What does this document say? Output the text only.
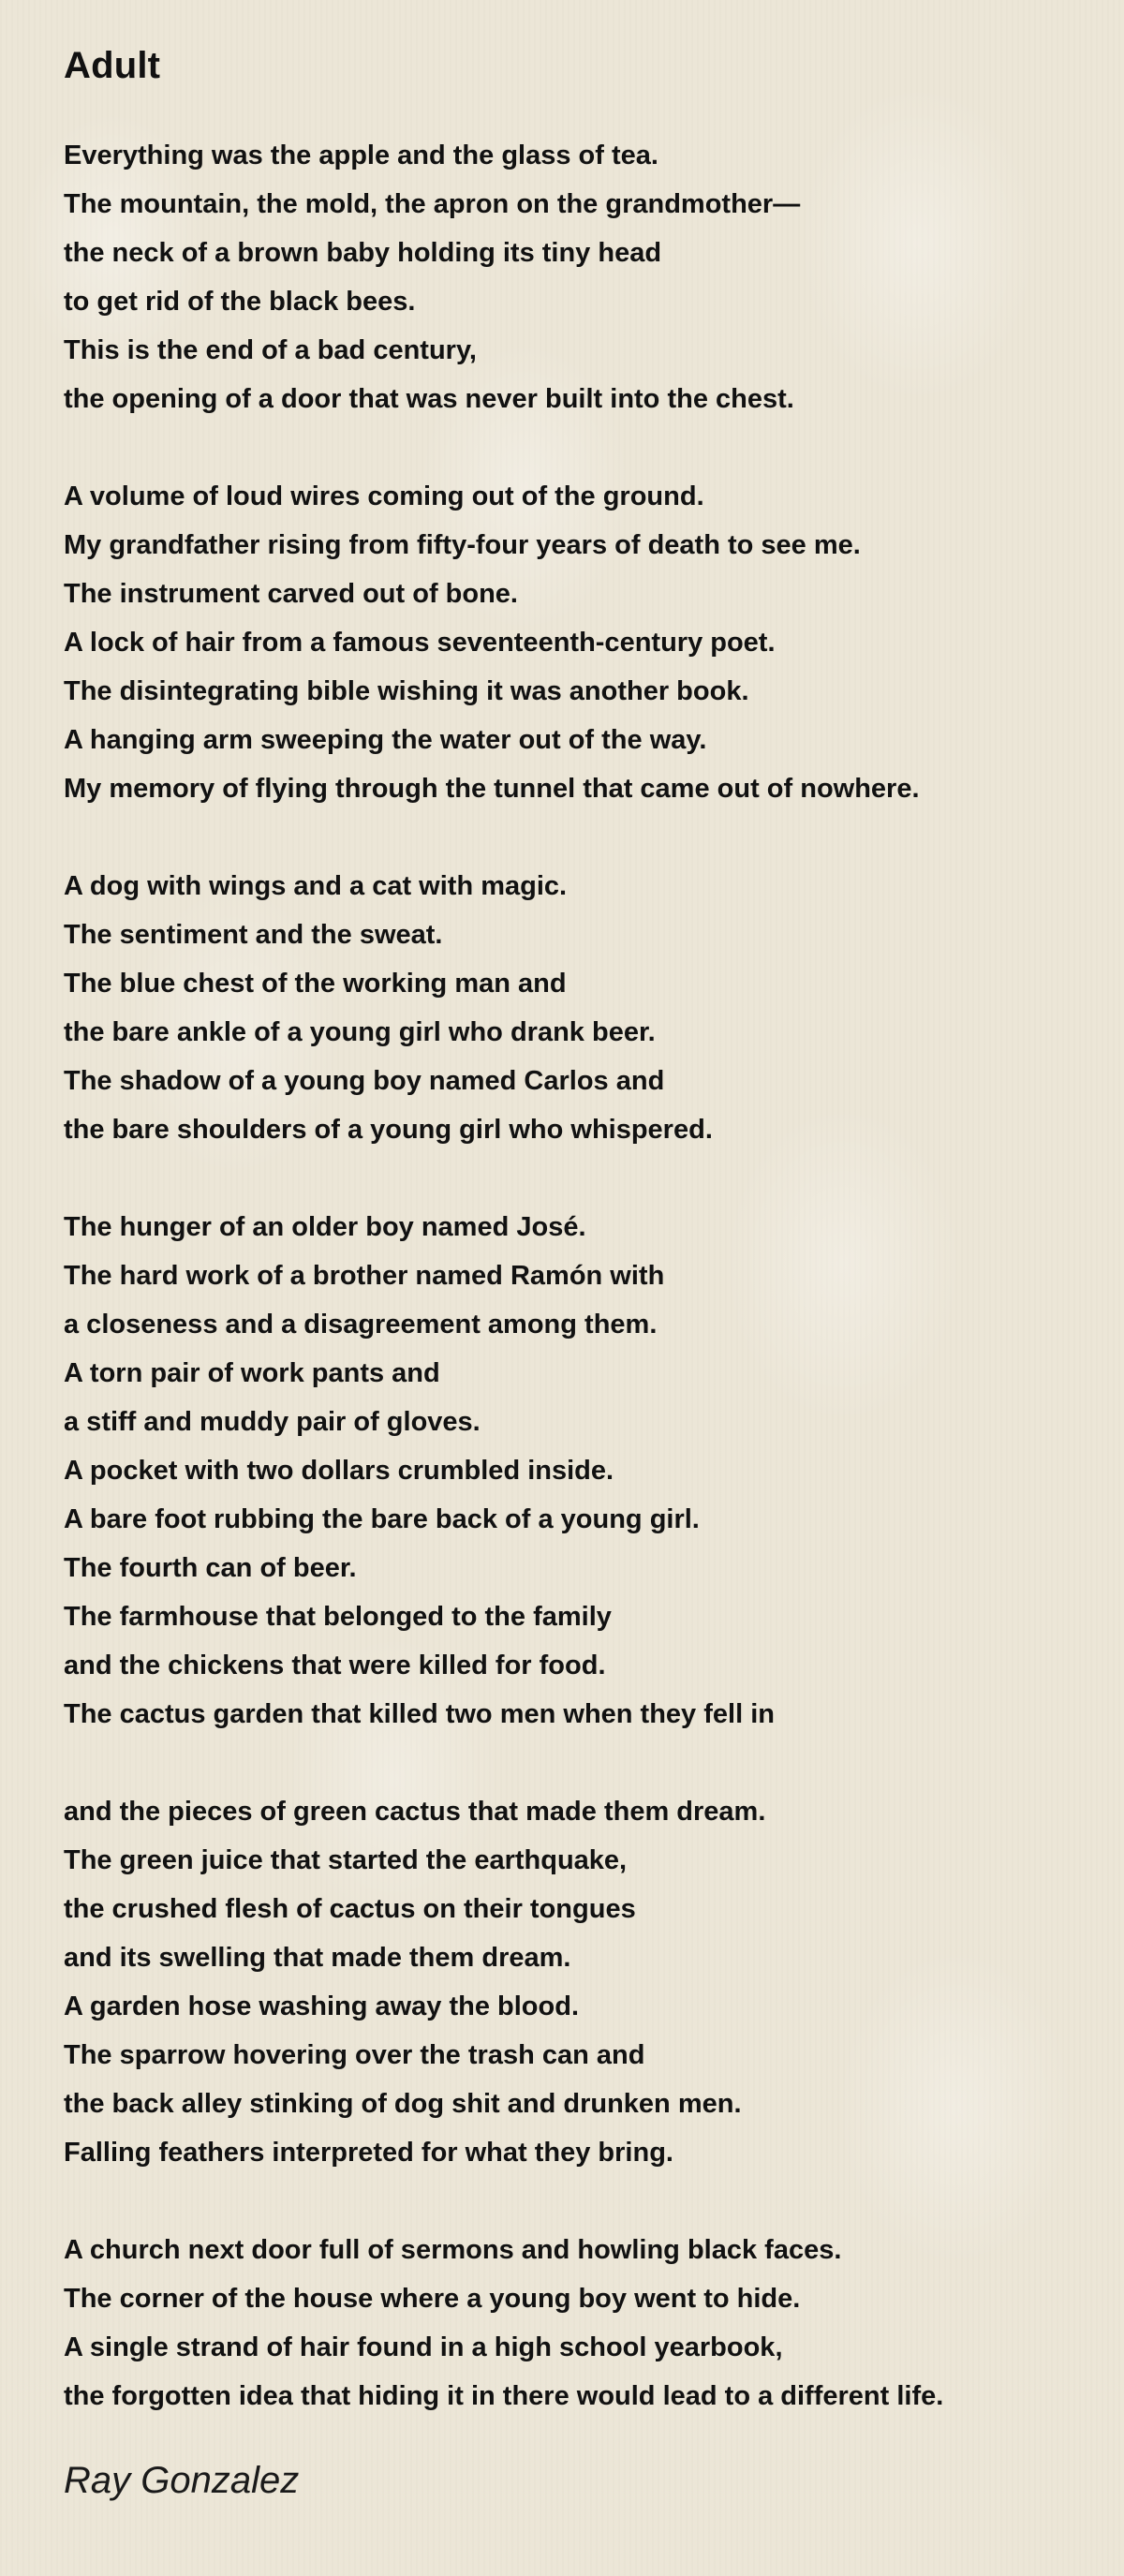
Adult
Everything was the apple and the glass of tea.
The mountain, the mold, the apron on the grandmother—
the neck of a brown baby holding its tiny head
to get rid of the black bees.
This is the end of a bad century,
the opening of a door that was never built into the chest.
A volume of loud wires coming out of the ground.
My grandfather rising from fifty-four years of death to see me.
The instrument carved out of bone.
A lock of hair from a famous seventeenth-century poet.
The disintegrating bible wishing it was another book.
A hanging arm sweeping the water out of the way.
My memory of flying through the tunnel that came out of nowhere.
A dog with wings and a cat with magic.
The sentiment and the sweat.
The blue chest of the working man and
the bare ankle of a young girl who drank beer.
The shadow of a young boy named Carlos and
the bare shoulders of a young girl who whispered.
The hunger of an older boy named José.
The hard work of a brother named Ramón with
a closeness and a disagreement among them.
A torn pair of work pants and
a stiff and muddy pair of gloves.
A pocket with two dollars crumbled inside.
A bare foot rubbing the bare back of a young girl.
The fourth can of beer.
The farmhouse that belonged to the family
and the chickens that were killed for food.
The cactus garden that killed two men when they fell in
and the pieces of green cactus that made them dream.
The green juice that started the earthquake,
the crushed flesh of cactus on their tongues
and its swelling that made them dream.
A garden hose washing away the blood.
The sparrow hovering over the trash can and
the back alley stinking of dog shit and drunken men.
Falling feathers interpreted for what they bring.
A church next door full of sermons and howling black faces.
The corner of the house where a young boy went to hide.
A single strand of hair found in a high school yearbook,
the forgotten idea that hiding it in there would lead to a different life.
Ray Gonzalez
